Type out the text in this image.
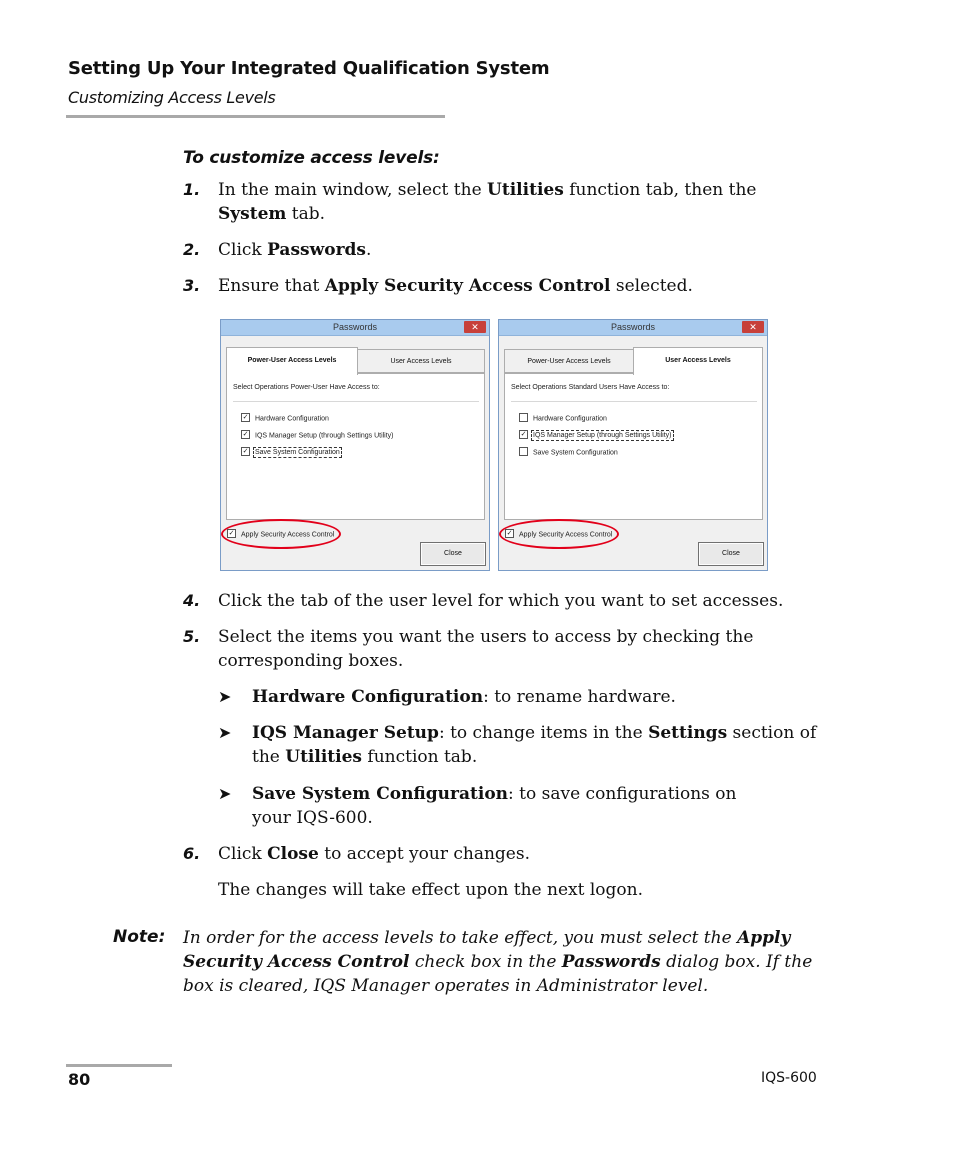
Setting Up Your Integrated Qualification System
Customizing Access Levels
To customize access levels:
1. In the main window, select the Utilities function tab, then the System tab.
2. Click Passwords.
3. Ensure that Apply Security Access Control selected.
Passwords	✕
Power-User Access Levels	User Access Levels
Select Operations Power-User Have Access to:
✓ Hardware Configuration
✓ IQS Manager Setup (through Settings Utility)
✓ Save System Configuration
✓ Apply Security Access Control
Close
Passwords	✕
Power-User Access Levels	User Access Levels
Select Operations Standard Users Have Access to:
Hardware Configuration
✓ IQS Manager Setup (through Settings Utility)
Save System Configuration
✓ Apply Security Access Control
Close
4. Click the tab of the user level for which you want to set accesses.
5. Select the items you want the users to access by checking the corresponding boxes.
➤ Hardware Configuration: to rename hardware.
➤ IQS Manager Setup: to change items in the Settings section of the Utilities function tab.
➤ Save System Configuration: to save configurations on your IQS-600.
6. Click Close to accept your changes.
The changes will take effect upon the next logon.
Note: In order for the access levels to take effect, you must select the Apply Security Access Control check box in the Passwords dialog box. If the box is cleared, IQS Manager operates in Administrator level.
80	IQS-600
